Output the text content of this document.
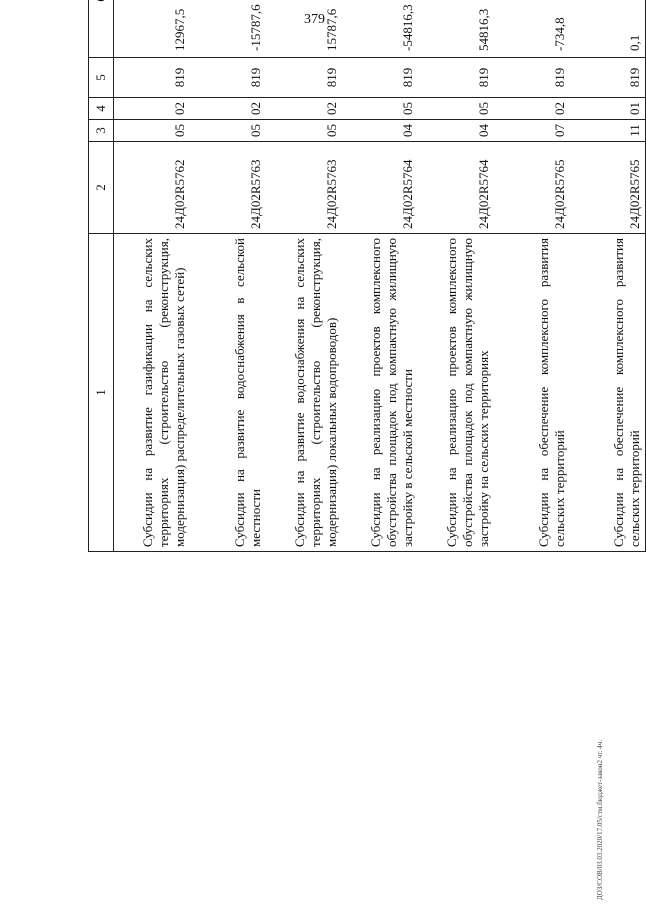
379
ДОЗ/СОВ/03.03.2020/17.05/стм.бюджет-закон2 чт. 4ч.
1	2	3	4	5			
Субсидии на развитие газификации на сельских территориях (строительство (реконструкция, модернизация) распределительных газовых сетей)	24Д02R5762	05	02	819	12967,5		
Субсидии на развитие водоснабжения в сельской местности	24Д02R5763	05	02	819	-15787,6		
Субсидии на развитие водоснабжения на сельских территориях (строительство (реконструкция, модернизация) локальных водопроводов)	24Д02R5763	05	02	819	15787,6		
Субсидии на реализацию проектов комплексного обустройства площадок под компактную жилищную застройку в сельской местности	24Д02R5764	04	05	819	-54816,3		
Субсидии на реализацию проектов комплексного обустройства площадок под компактную жилищную застройку на сельских территориях	24Д02R5764	04	05	819	54816,3		
Субсидии на обеспечение комплексного развития сельских территорий	24Д02R5765	07	02	819	-734,8		
Субсидии на обеспечение комплексного развития сельских территорий	24Д02R5765	11	01	819	0,1		
